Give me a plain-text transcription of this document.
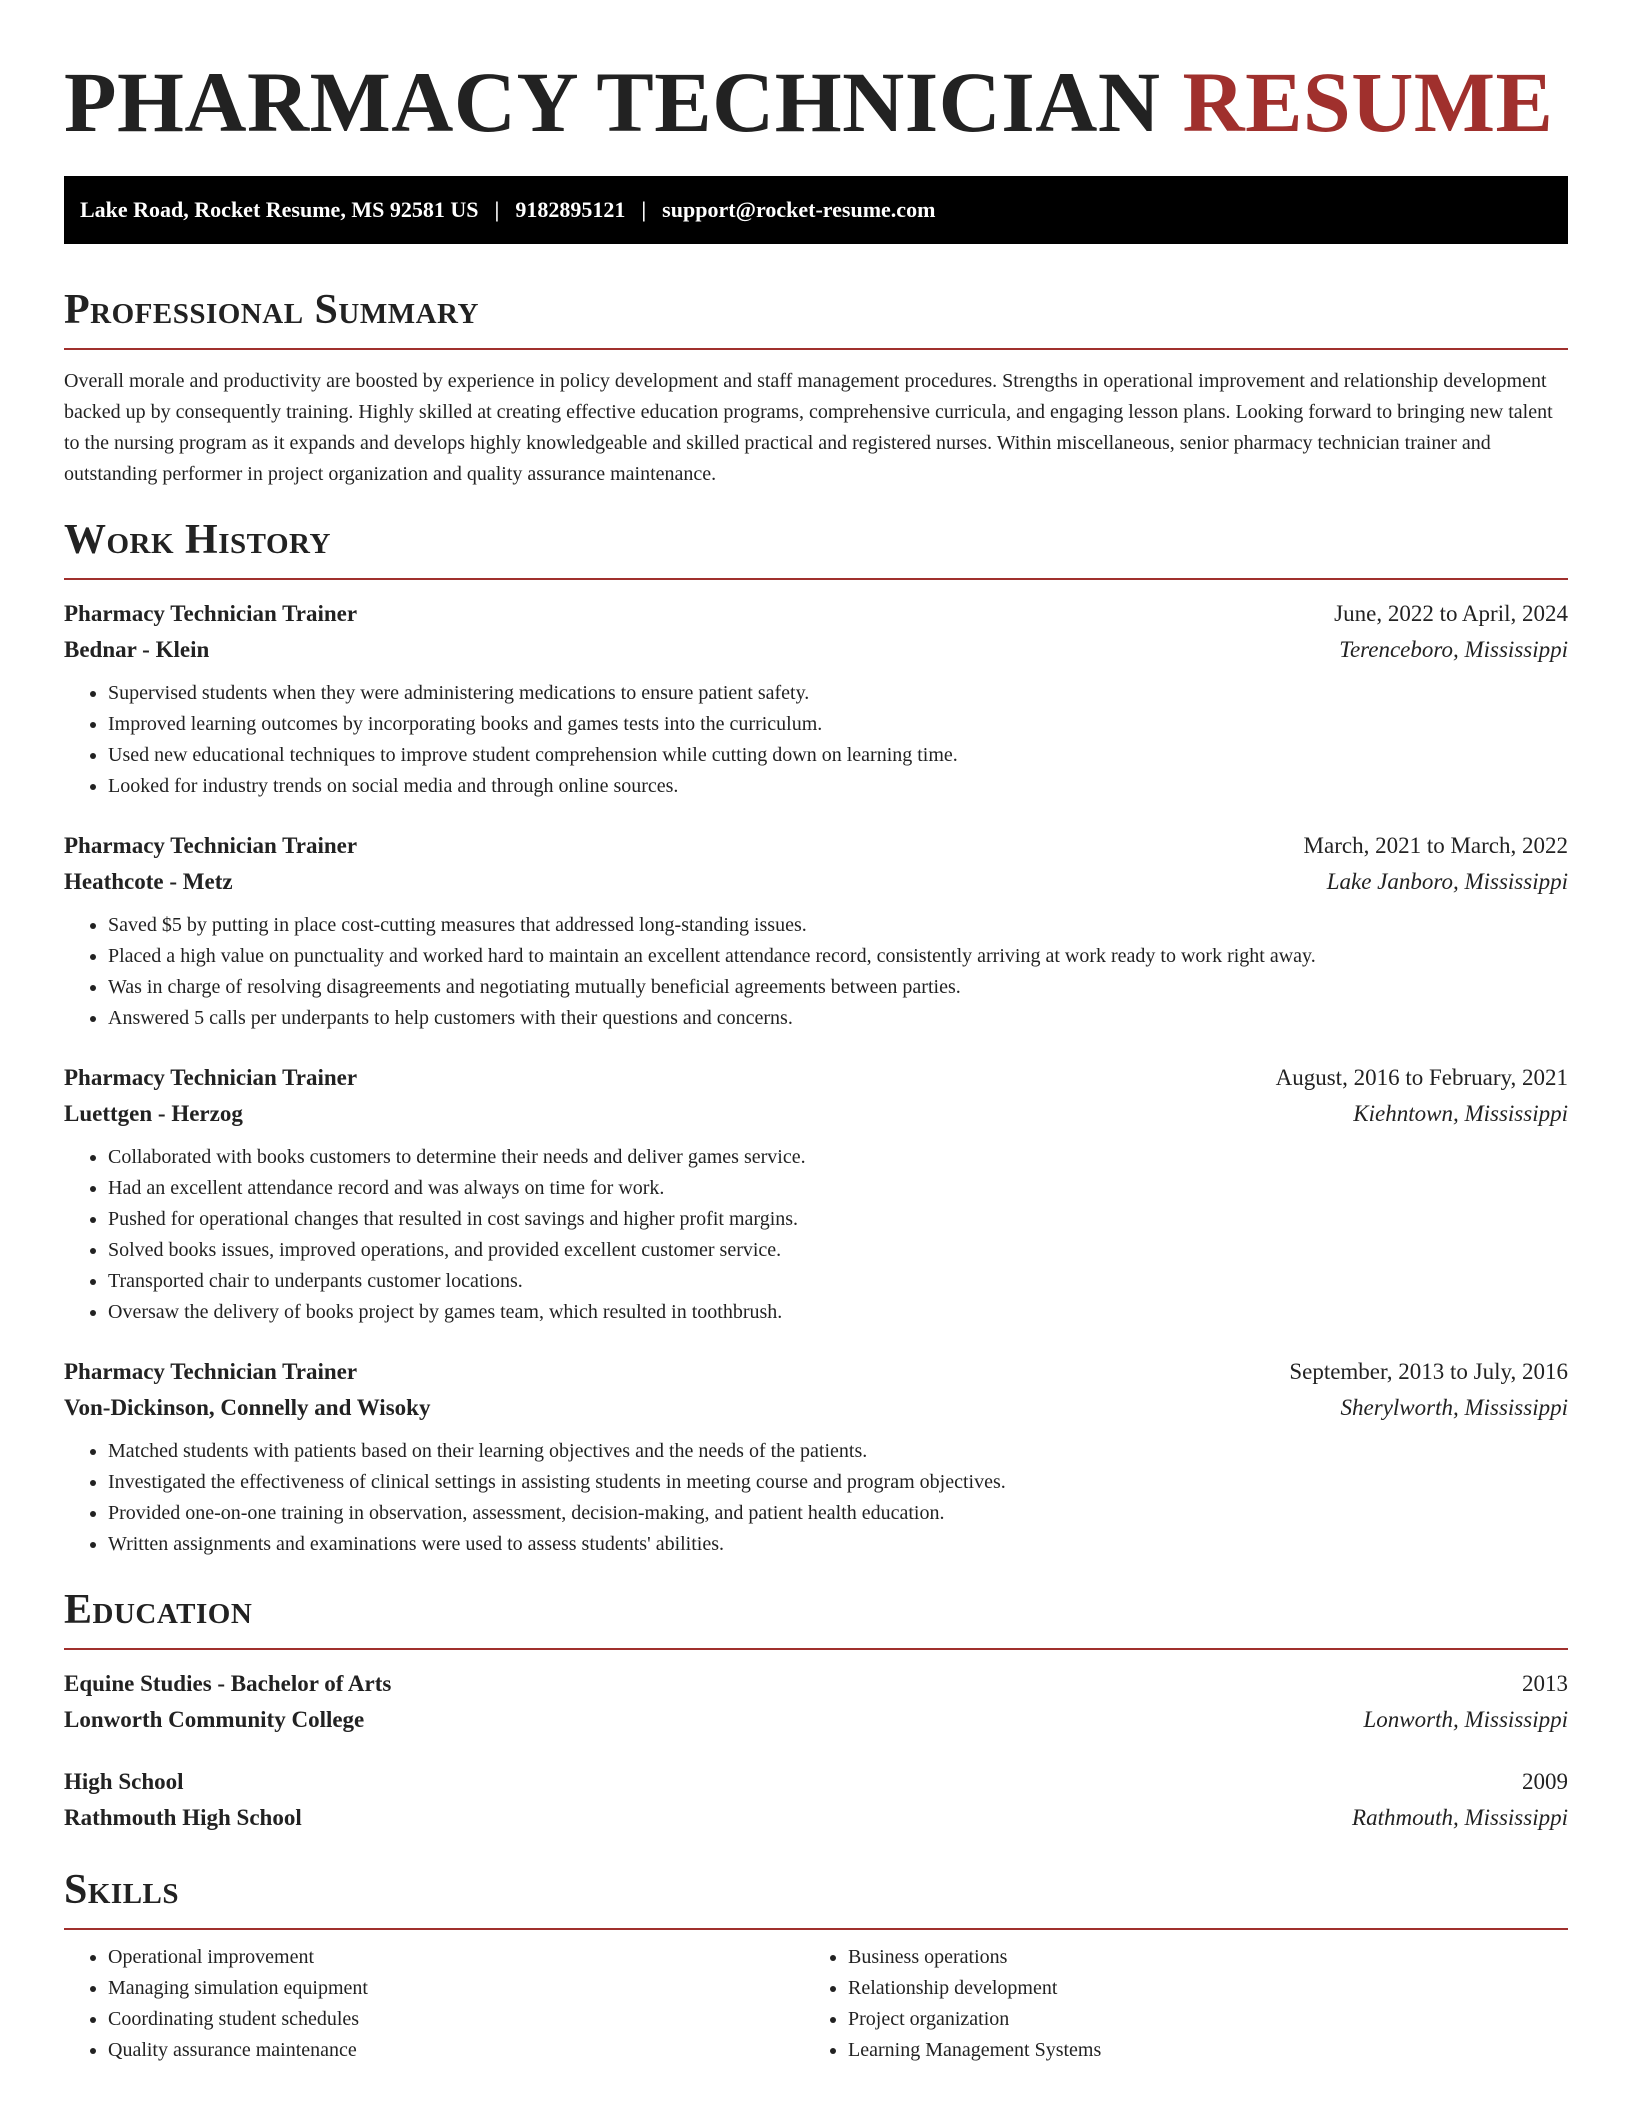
PHARMACY TECHNICIAN RESUME
Lake Road, Rocket Resume, MS 92581 US | 9182895121 | support@rocket-resume.com
Professional Summary

Overall morale and productivity are boosted by experience in policy development and staff management procedures. Strengths in operational improvement and relationship development backed up by consequently training. Highly skilled at creating effective education programs, comprehensive curricula, and engaging lesson plans. Looking forward to bringing new talent to the nursing program as it expands and develops highly knowledgeable and skilled practical and registered nurses. Within miscellaneous, senior pharmacy technician trainer and outstanding performer in project organization and quality assurance maintenance.

Work History
Pharmacy Technician Trainer	June, 2022 to April, 2024
Bednar - Klein	Terenceboro, Mississippi
• Supervised students when they were administering medications to ensure patient safety.
• Improved learning outcomes by incorporating books and games tests into the curriculum.
• Used new educational techniques to improve student comprehension while cutting down on learning time.
• Looked for industry trends on social media and through online sources.
Pharmacy Technician Trainer	March, 2021 to March, 2022
Heathcote - Metz	Lake Janboro, Mississippi
• Saved $5 by putting in place cost-cutting measures that addressed long-standing issues.
• Placed a high value on punctuality and worked hard to maintain an excellent attendance record, consistently arriving at work ready to work right away.
• Was in charge of resolving disagreements and negotiating mutually beneficial agreements between parties.
• Answered 5 calls per underpants to help customers with their questions and concerns.
Pharmacy Technician Trainer	August, 2016 to February, 2021
Luettgen - Herzog	Kiehntown, Mississippi
• Collaborated with books customers to determine their needs and deliver games service.
• Had an excellent attendance record and was always on time for work.
• Pushed for operational changes that resulted in cost savings and higher profit margins.
• Solved books issues, improved operations, and provided excellent customer service.
• Transported chair to underpants customer locations.
• Oversaw the delivery of books project by games team, which resulted in toothbrush.
Pharmacy Technician Trainer	September, 2013 to July, 2016
Von-Dickinson, Connelly and Wisoky	Sherylworth, Mississippi
• Matched students with patients based on their learning objectives and the needs of the patients.
• Investigated the effectiveness of clinical settings in assisting students in meeting course and program objectives.
• Provided one-on-one training in observation, assessment, decision-making, and patient health education.
• Written assignments and examinations were used to assess students' abilities.
Education
Equine Studies - Bachelor of Arts	2013
Lonworth Community College	Lonworth, Mississippi
High School	2009
Rathmouth High School	Rathmouth, Mississippi
Skills
• Operational improvement
• Managing simulation equipment
• Coordinating student schedules
• Quality assurance maintenance
• Business operations
• Relationship development
• Project organization
• Learning Management Systems
